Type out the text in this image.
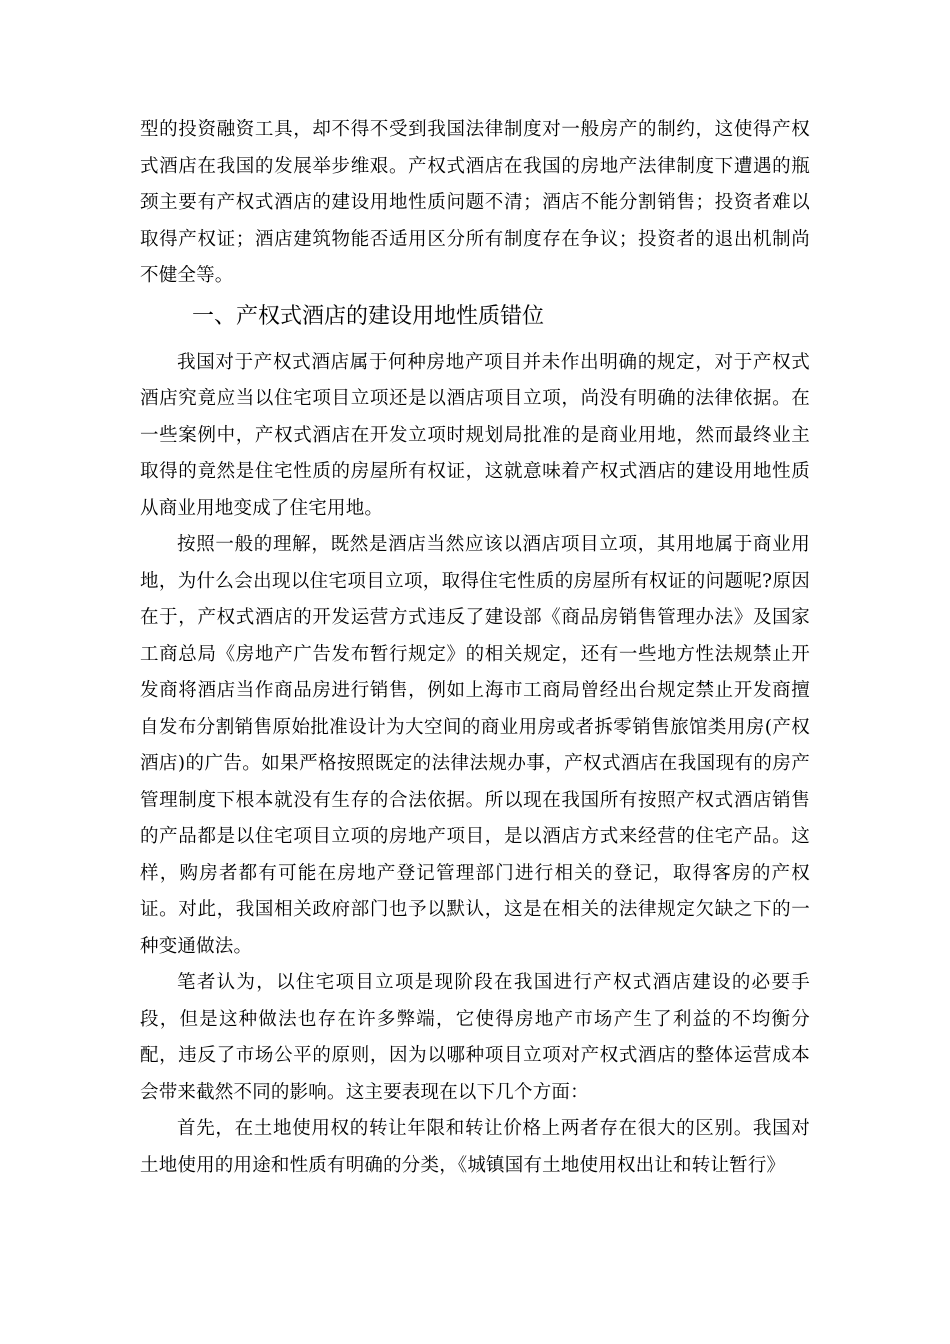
型的投资融资工具，却不得不受到我国法律制度对一般房产的制约，这使得产权式酒店在我国的发展举步维艰。产权式酒店在我国的房地产法律制度下遭遇的瓶颈主要有产权式酒店的建设用地性质问题不清；酒店不能分割销售；投资者难以取得产权证；酒店建筑物能否适用区分所有制度存在争议；投资者的退出机制尚不健全等。

一、产权式酒店的建设用地性质错位

我国对于产权式酒店属于何种房地产项目并未作出明确的规定，对于产权式酒店究竟应当以住宅项目立项还是以酒店项目立项，尚没有明确的法律依据。在一些案例中，产权式酒店在开发立项时规划局批准的是商业用地，然而最终业主取得的竟然是住宅性质的房屋所有权证，这就意味着产权式酒店的建设用地性质从商业用地变成了住宅用地。

按照一般的理解，既然是酒店当然应该以酒店项目立项，其用地属于商业用地，为什么会出现以住宅项目立项，取得住宅性质的房屋所有权证的问题呢?原因在于，产权式酒店的开发运营方式违反了建设部《商品房销售管理办法》及国家工商总局《房地产广告发布暂行规定》的相关规定，还有一些地方性法规禁止开发商将酒店当作商品房进行销售，例如上海市工商局曾经出台规定禁止开发商擅自发布分割销售原始批准设计为大空间的商业用房或者拆零销售旅馆类用房(产权酒店)的广告。如果严格按照既定的法律法规办事，产权式酒店在我国现有的房产管理制度下根本就没有生存的合法依据。所以现在我国所有按照产权式酒店销售的产品都是以住宅项目立项的房地产项目，是以酒店方式来经营的住宅产品。这样，购房者都有可能在房地产登记管理部门进行相关的登记，取得客房的产权证。对此，我国相关政府部门也予以默认，这是在相关的法律规定欠缺之下的一种变通做法。

笔者认为，以住宅项目立项是现阶段在我国进行产权式酒店建设的必要手段，但是这种做法也存在许多弊端，它使得房地产市场产生了利益的不均衡分配，违反了市场公平的原则，因为以哪种项目立项对产权式酒店的整体运营成本会带来截然不同的影响。这主要表现在以下几个方面：

首先，在土地使用权的转让年限和转让价格上两者存在很大的区别。我国对土地使用的用途和性质有明确的分类，《城镇国有土地使用权出让和转让暂行》
